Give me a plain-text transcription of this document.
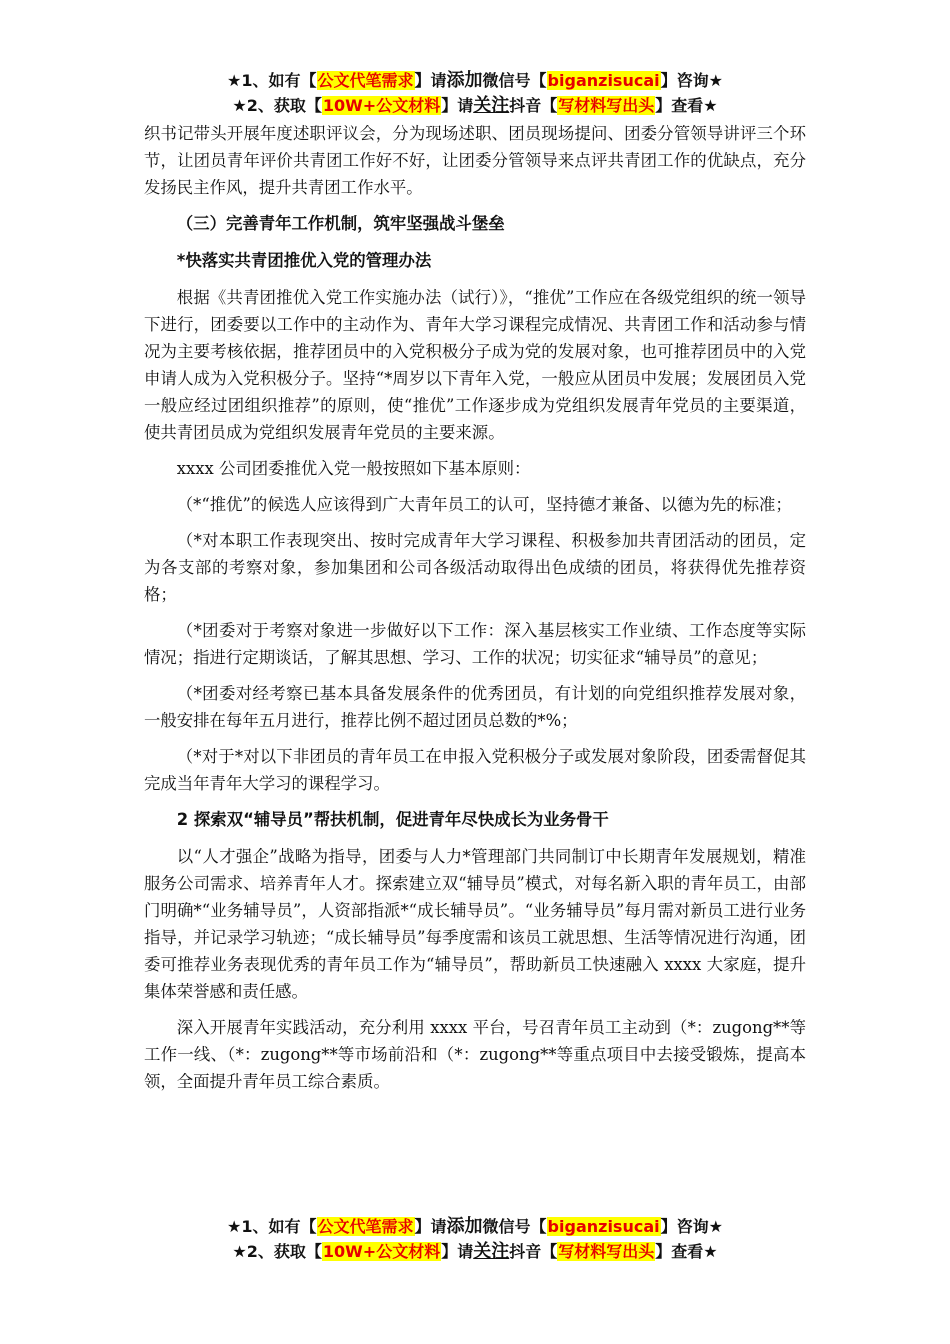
★1、如有【公文代笔需求】请添加微信号【biganzisucai】咨询★
★2、获取【10W+公文材料】请关注抖音【写材料写出头】查看★

织书记带头开展年度述职评议会，分为现场述职、团员现场提问、团委分管领导讲评三个环节，让团员青年评价共青团工作好不好，让团委分管领导来点评共青团工作的优缺点，充分发扬民主作风，提升共青团工作水平。

（三）完善青年工作机制，筑牢坚强战斗堡垒

*快落实共青团推优入党的管理办法

根据《共青团推优入党工作实施办法（试行）》，“推优”工作应在各级党组织的统一领导下进行，团委要以工作中的主动作为、青年大学习课程完成情况、共青团工作和活动参与情况为主要考核依据，推荐团员中的入党积极分子成为党的发展对象，也可推荐团员中的入党申请人成为入党积极分子。坚持“*周岁以下青年入党，一般应从团员中发展；发展团员入党一般应经过团组织推荐”的原则，使“推优”工作逐步成为党组织发展青年党员的主要渠道，使共青团员成为党组织发展青年党员的主要来源。

xxxx 公司团委推优入党一般按照如下基本原则：

（*“推优”的候选人应该得到广大青年员工的认可，坚持德才兼备、以德为先的标准；

（*对本职工作表现突出、按时完成青年大学习课程、积极参加共青团活动的团员，定为各支部的考察对象，参加集团和公司各级活动取得出色成绩的团员，将获得优先推荐资格；

（*团委对于考察对象进一步做好以下工作：深入基层核实工作业绩、工作态度等实际情况；指进行定期谈话，了解其思想、学习、工作的状况；切实征求“辅导员”的意见；

（*团委对经考察已基本具备发展条件的优秀团员，有计划的向党组织推荐发展对象，一般安排在每年五月进行，推荐比例不超过团员总数的*%；

（*对于*对以下非团员的青年员工在申报入党积极分子或发展对象阶段，团委需督促其完成当年青年大学习的课程学习。

2 探索双“辅导员”帮扶机制，促进青年尽快成长为业务骨干

以“人才强企”战略为指导，团委与人力*管理部门共同制订中长期青年发展规划，精准服务公司需求、培养青年人才。探索建立双“辅导员”模式，对每名新入职的青年员工，由部门明确*“业务辅导员”，人资部指派*“成长辅导员”。“业务辅导员”每月需对新员工进行业务指导，并记录学习轨迹；“成长辅导员”每季度需和该员工就思想、生活等情况进行沟通，团委可推荐业务表现优秀的青年员工作为“辅导员”，帮助新员工快速融入 xxxx 大家庭，提升集体荣誉感和责任感。

深入开展青年实践活动，充分利用 xxxx 平台，号召青年员工主动到（*：zugong**等工作一线、（*：zugong**等市场前沿和（*：zugong**等重点项目中去接受锻炼，提高本领，全面提升青年员工综合素质。

★1、如有【公文代笔需求】请添加微信号【biganzisucai】咨询★
★2、获取【10W+公文材料】请关注抖音【写材料写出头】查看★
